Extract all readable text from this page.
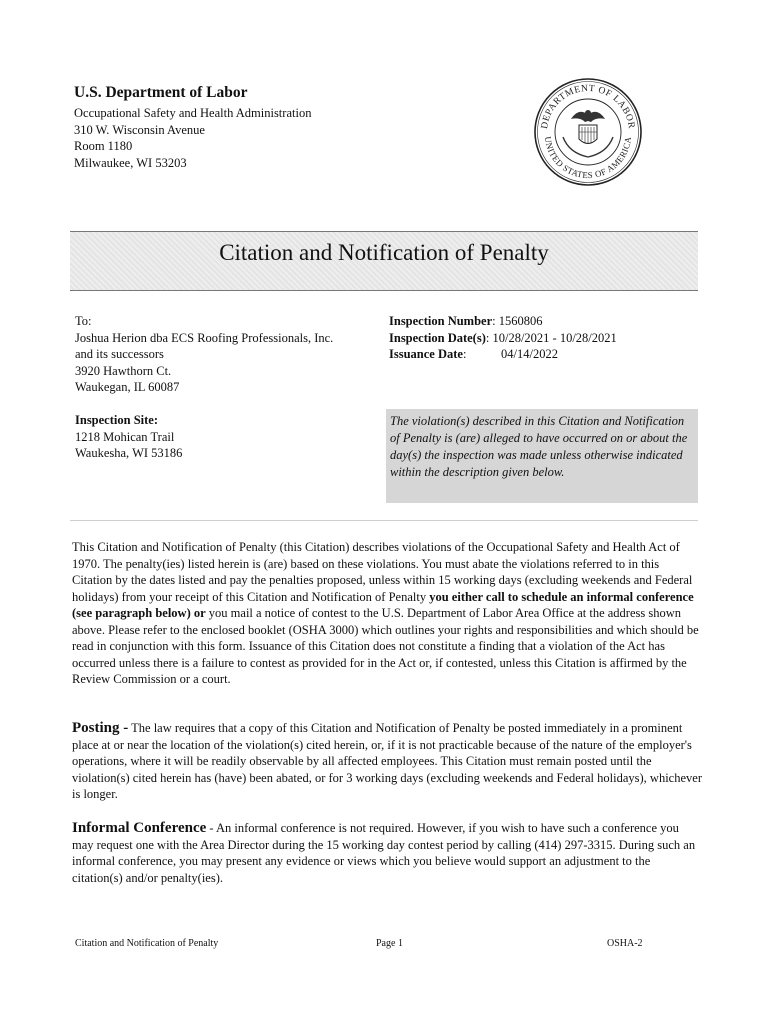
U.S. Department of Labor
Occupational Safety and Health Administration
310 W. Wisconsin Avenue
Room 1180
Milwaukee, WI 53203
DEPARTMENT OF LABOR
UNITED STATES OF AMERICA
Citation and Notification of Penalty
To:
Joshua Herion dba ECS Roofing Professionals, Inc.
and its successors
3920 Hawthorn Ct.
Waukegan, IL 60087
Inspection Number: 1560806
Inspection Date(s): 10/28/2021 - 10/28/2021
Issuance Date:	04/14/2022
Inspection Site:
1218 Mohican Trail
Waukesha, WI 53186
The violation(s) described in this Citation and Notification of Penalty is (are) alleged to have occurred on or about the day(s) the inspection was made unless otherwise indicated within the description given below.

This Citation and Notification of Penalty (this Citation) describes violations of the Occupational Safety and Health Act of 1970. The penalty(ies) listed herein is (are) based on these violations. You must abate the violations referred to in this Citation by the dates listed and pay the penalties proposed, unless within 15 working days (excluding weekends and Federal holidays) from your receipt of this Citation and Notification of Penalty you either call to schedule an informal conference (see paragraph below) or you mail a notice of contest to the U.S. Department of Labor Area Office at the address shown above. Please refer to the enclosed booklet (OSHA 3000) which outlines your rights and responsibilities and which should be read in conjunction with this form. Issuance of this Citation does not constitute a finding that a violation of the Act has occurred unless there is a failure to contest as provided for in the Act or, if contested, unless this Citation is affirmed by the Review Commission or a court.

Posting - The law requires that a copy of this Citation and Notification of Penalty be posted immediately in a prominent place at or near the location of the violation(s) cited herein, or, if it is not practicable because of the nature of the employer's operations, where it will be readily observable by all affected employees. This Citation must remain posted until the violation(s) cited herein has (have) been abated, or for 3 working days (excluding weekends and Federal holidays), whichever is longer.

Informal Conference - An informal conference is not required. However, if you wish to have such a conference you may request one with the Area Director during the 15 working day contest period by calling (414) 297-3315. During such an informal conference, you may present any evidence or views which you believe would support an adjustment to the citation(s) and/or penalty(ies).

Citation and Notification of Penalty	Page 1	OSHA-2
